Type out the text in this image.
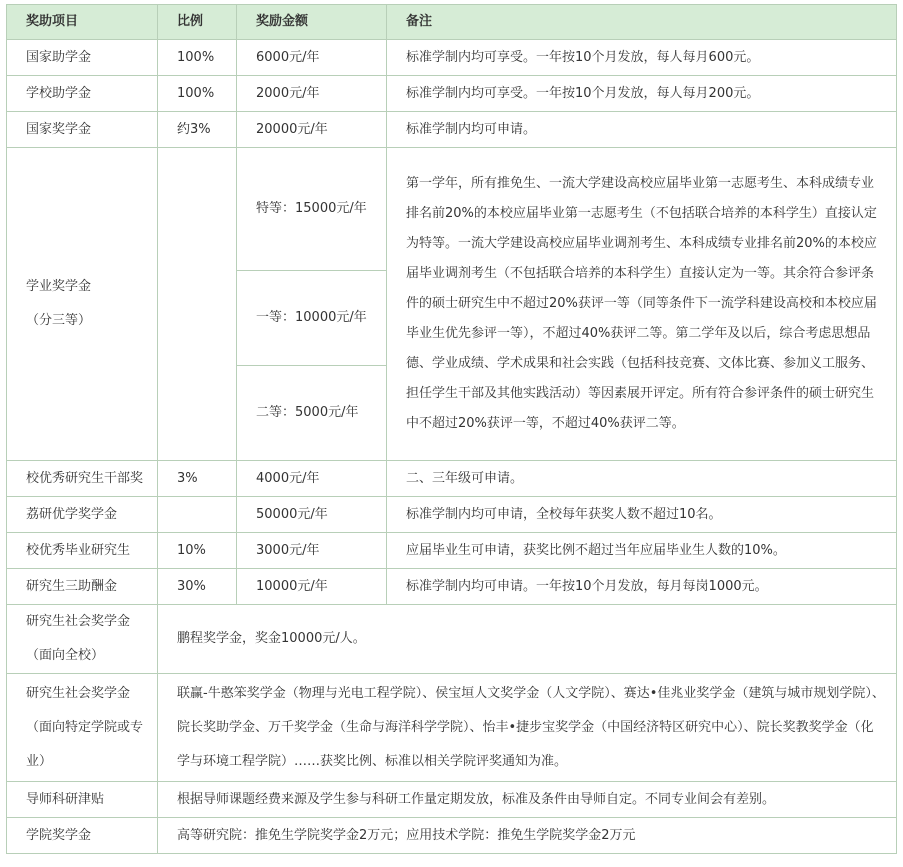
奖助项目	比例	奖励金额	备注
国家助学金	100%	6000元/年	标准学制内均可享受。一年按10个月发放，每人每月600元。
学校助学金	100%	2000元/年	标准学制内均可享受。一年按10个月发放，每人每月200元。
国家奖学金	约3%	20000元/年	标准学制内均可申请。

学业奖学金
（分三等）		特等：15000元/年	第一学年，所有推免生、一流大学建设高校应届毕业第一志愿考生、本科成绩专业排名前20%的本校应届毕业第一志愿考生（不包括联合培养的本科学生）直接认定为特等。一流大学建设高校应届毕业调剂考生、本科成绩专业排名前20%的本校应届毕业调剂考生（不包括联合培养的本科学生）直接认定为一等。其余符合参评条件的硕士研究生中不超过20%获评一等（同等条件下一流学科建设高校和本校应届毕业生优先参评一等），不超过40%获评二等。第二学年及以后，综合考虑思想品德、学业成绩、学术成果和社会实践（包括科技竞赛、文体比赛、参加义工服务、担任学生干部及其他实践活动）等因素展开评定。所有符合参评条件的硕士研究生中不超过20%获评一等，不超过40%获评二等。
		一等：10000元/年	
		二等：5000元/年	
校优秀研究生干部奖	3%	4000元/年	二、三年级可申请。
荔研优学奖学金		50000元/年	标准学制内均可申请，全校每年获奖人数不超过10名。
校优秀毕业研究生	10%	3000元/年	应届毕业生可申请，获奖比例不超过当年应届毕业生人数的10%。
研究生三助酬金	30%	10000元/年	标准学制内均可申请。一年按10个月发放，每月每岗1000元。

研究生社会奖学金
（面向全校）	鹏程奖学金，奖金10000元/人。		
研究生社会奖学金（面向特定学院或专业）	联赢-牛憨笨奖学金（物理与光电工程学院）、侯宝垣人文奖学金（人文学院）、赛达•佳兆业奖学金（建筑与城市规划学院）、院长奖助学金、万千奖学金（生命与海洋科学学院）、怡丰•捷步宝奖学金（中国经济特区研究中心）、院长奖教奖学金（化学与环境工程学院）……获奖比例、标准以相关学院评奖通知为准。		
导师科研津贴	根据导师课题经费来源及学生参与科研工作量定期发放，标准及条件由导师自定。不同专业间会有差别。		
学院奖学金	高等研究院：推免生学院奖学金2万元；应用技术学院：推免生学院奖学金2万元		
